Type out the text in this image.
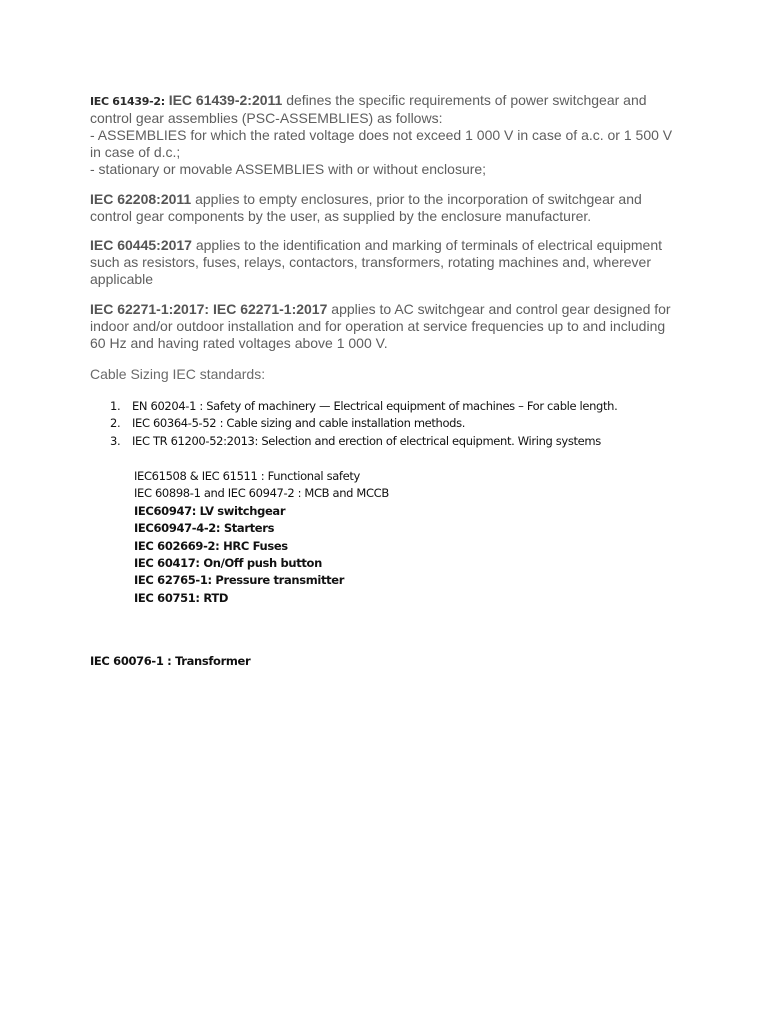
IEC 61439-2: IEC 61439-2:2011 defines the specific requirements of power switchgear and
control gear assemblies (PSC-ASSEMBLIES) as follows:
- ASSEMBLIES for which the rated voltage does not exceed 1 000 V in case of a.c. or 1 500 V
in case of d.c.;
- stationary or movable ASSEMBLIES with or without enclosure;
IEC 62208:2011 applies to empty enclosures, prior to the incorporation of switchgear and
control gear components by the user, as supplied by the enclosure manufacturer.
IEC 60445:2017 applies to the identification and marking of terminals of electrical equipment
such as resistors, fuses, relays, contactors, transformers, rotating machines and, wherever
applicable
IEC 62271-1:2017: IEC 62271-1:2017 applies to AC switchgear and control gear designed for
indoor and/or outdoor installation and for operation at service frequencies up to and including
60 Hz and having rated voltages above 1 000 V.
Cable Sizing IEC standards:
1. EN 60204-1 : Safety of machinery — Electrical equipment of machines – For cable length.
2. IEC 60364-5-52 : Cable sizing and cable installation methods.
3. IEC TR 61200-52:2013: Selection and erection of electrical equipment. Wiring systems
IEC61508 & IEC 61511 : Functional safety
IEC 60898-1 and IEC 60947-2 : MCB and MCCB
IEC60947: LV switchgear
IEC60947-4-2: Starters
IEC 602669-2: HRC Fuses
IEC 60417: On/Off push button
IEC 62765-1: Pressure transmitter
IEC 60751: RTD
IEC 60076-1 : Transformer
